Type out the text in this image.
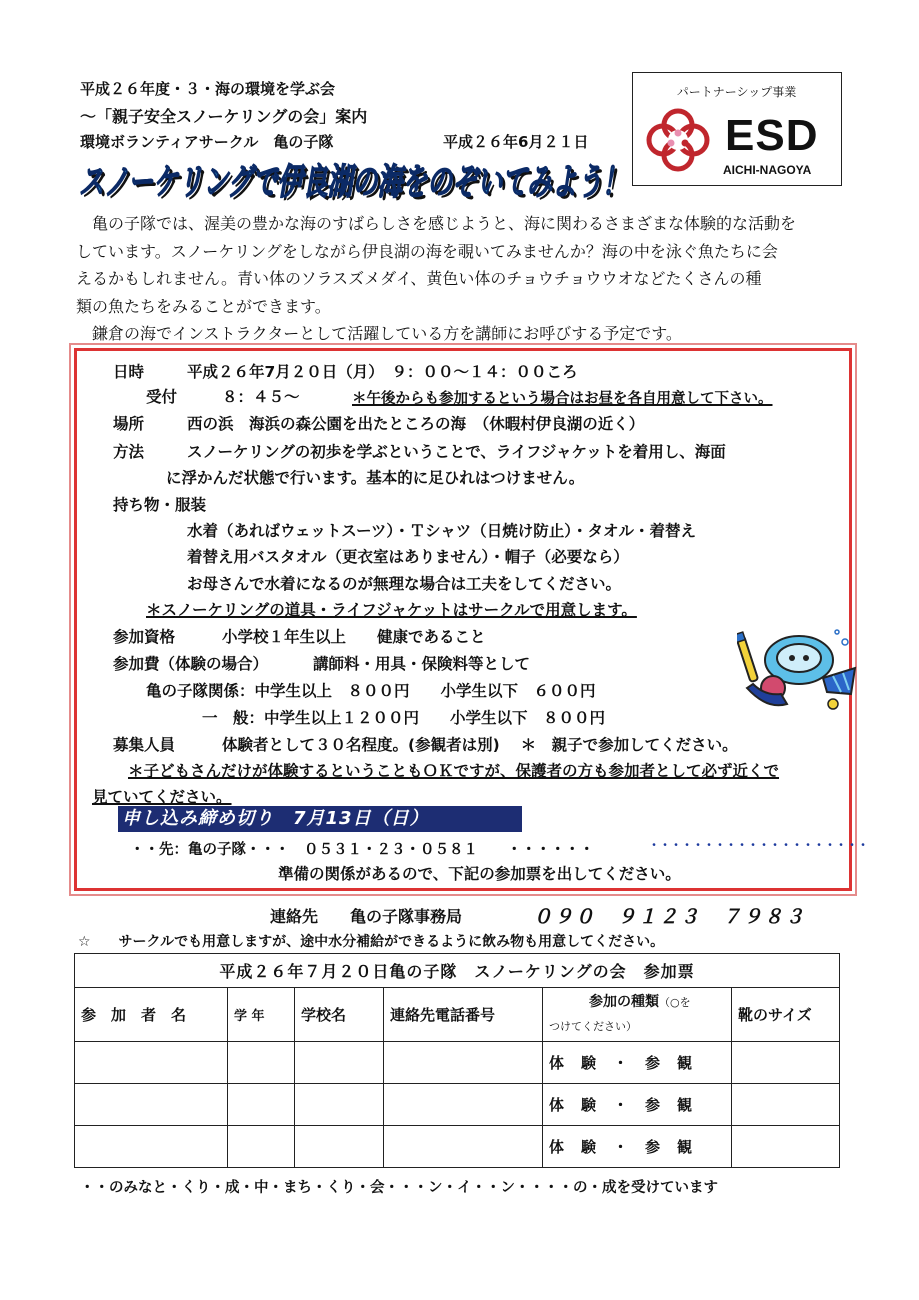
平成２６年度・３・海の環境を学ぶ会
～「親子安全スノーケリングの会」案内
環境ボランティアサークル　亀の子隊	平成２６年6月２１日
パートナーシップ事業
ESD
AICHI-NAGOYA
スノーケリングで伊良湖の海をのぞいてみよう！
スノーケリングで伊良湖の海をのぞいてみよう！
亀の子隊では、渥美の豊かな海のすばらしさを感じようと、海に関わるさまざまな体験的な活動を
しています。スノーケリングをしながら伊良湖の海を覗いてみませんか？海の中を泳ぐ魚たちに会
えるかもしれません。青い体のソラスズメダイ、黄色い体のチョウチョウウオなどたくさんの種
類の魚たちをみることができます。
鎌倉の海でインストラクターとして活躍している方を講師にお呼びする予定です。
日時	平成２６年7月２０日（月）　９：００～１４：００ころ
受付	８：４５～	＊午後からも参加するという場合はお昼を各自用意して下さい。
場所	西の浜　海浜の森公園を出たところの海　（休暇村伊良湖の近く）
方法	スノーケリングの初歩を学ぶということで、ライフジャケットを着用し、海面
に浮かんだ状態で行います。基本的に足ひれはつけません。
持ち物・服装
水着（あればウェットスーツ）・Ｔシャツ（日焼け防止）・タオル・着替え
着替え用バスタオル（更衣室はありません）・帽子（必要なら）
お母さんで水着になるのが無理な場合は工夫をしてください。
＊スノーケリングの道具・ライフジャケットはサークルで用意します。
参加資格	小学校１年生以上　　健康であること
参加費（体験の場合）	講師料・用具・保険料等として
亀の子隊関係：中学生以上　８００円　　小学生以下　６００円
一　般：中学生以上１２００円　　小学生以下　８００円
募集人員	体験者として３０名程度。(参観者は別)　 ＊　親子で参加してください。
＊子どもさんだけが体験するということもＯＫですが、保護者の方も参加者として必ず近くで
見ていてください。
申し込み締め切り　7月13日（日）
・・先：亀の子隊・・・　０５３１・２３・０５８１　　・・・・・・	・・・・・・・・・・・・・・・・・・・・
準備の関係があるので、下記の参加票を出してください。
連絡先　　亀の子隊事務局	０９０　９１２３　７９８３
☆　　サークルでも用意しますが、途中水分補給ができるように飲み物も用意してください。
平成２６年７月２０日亀の子隊　スノーケリングの会　参加票					
参　加　者　名	学 年	学校名	連絡先電話番号	参加の種類（○を
つけてください）	靴のサイズ
				体　験　・　参　観	
				体　験　・　参　観	
				体　験　・　参　観	
・・のみなと・くり・成・中・まち・くり・会・・・ン・イ・・ン・・・・の・成を受けています
